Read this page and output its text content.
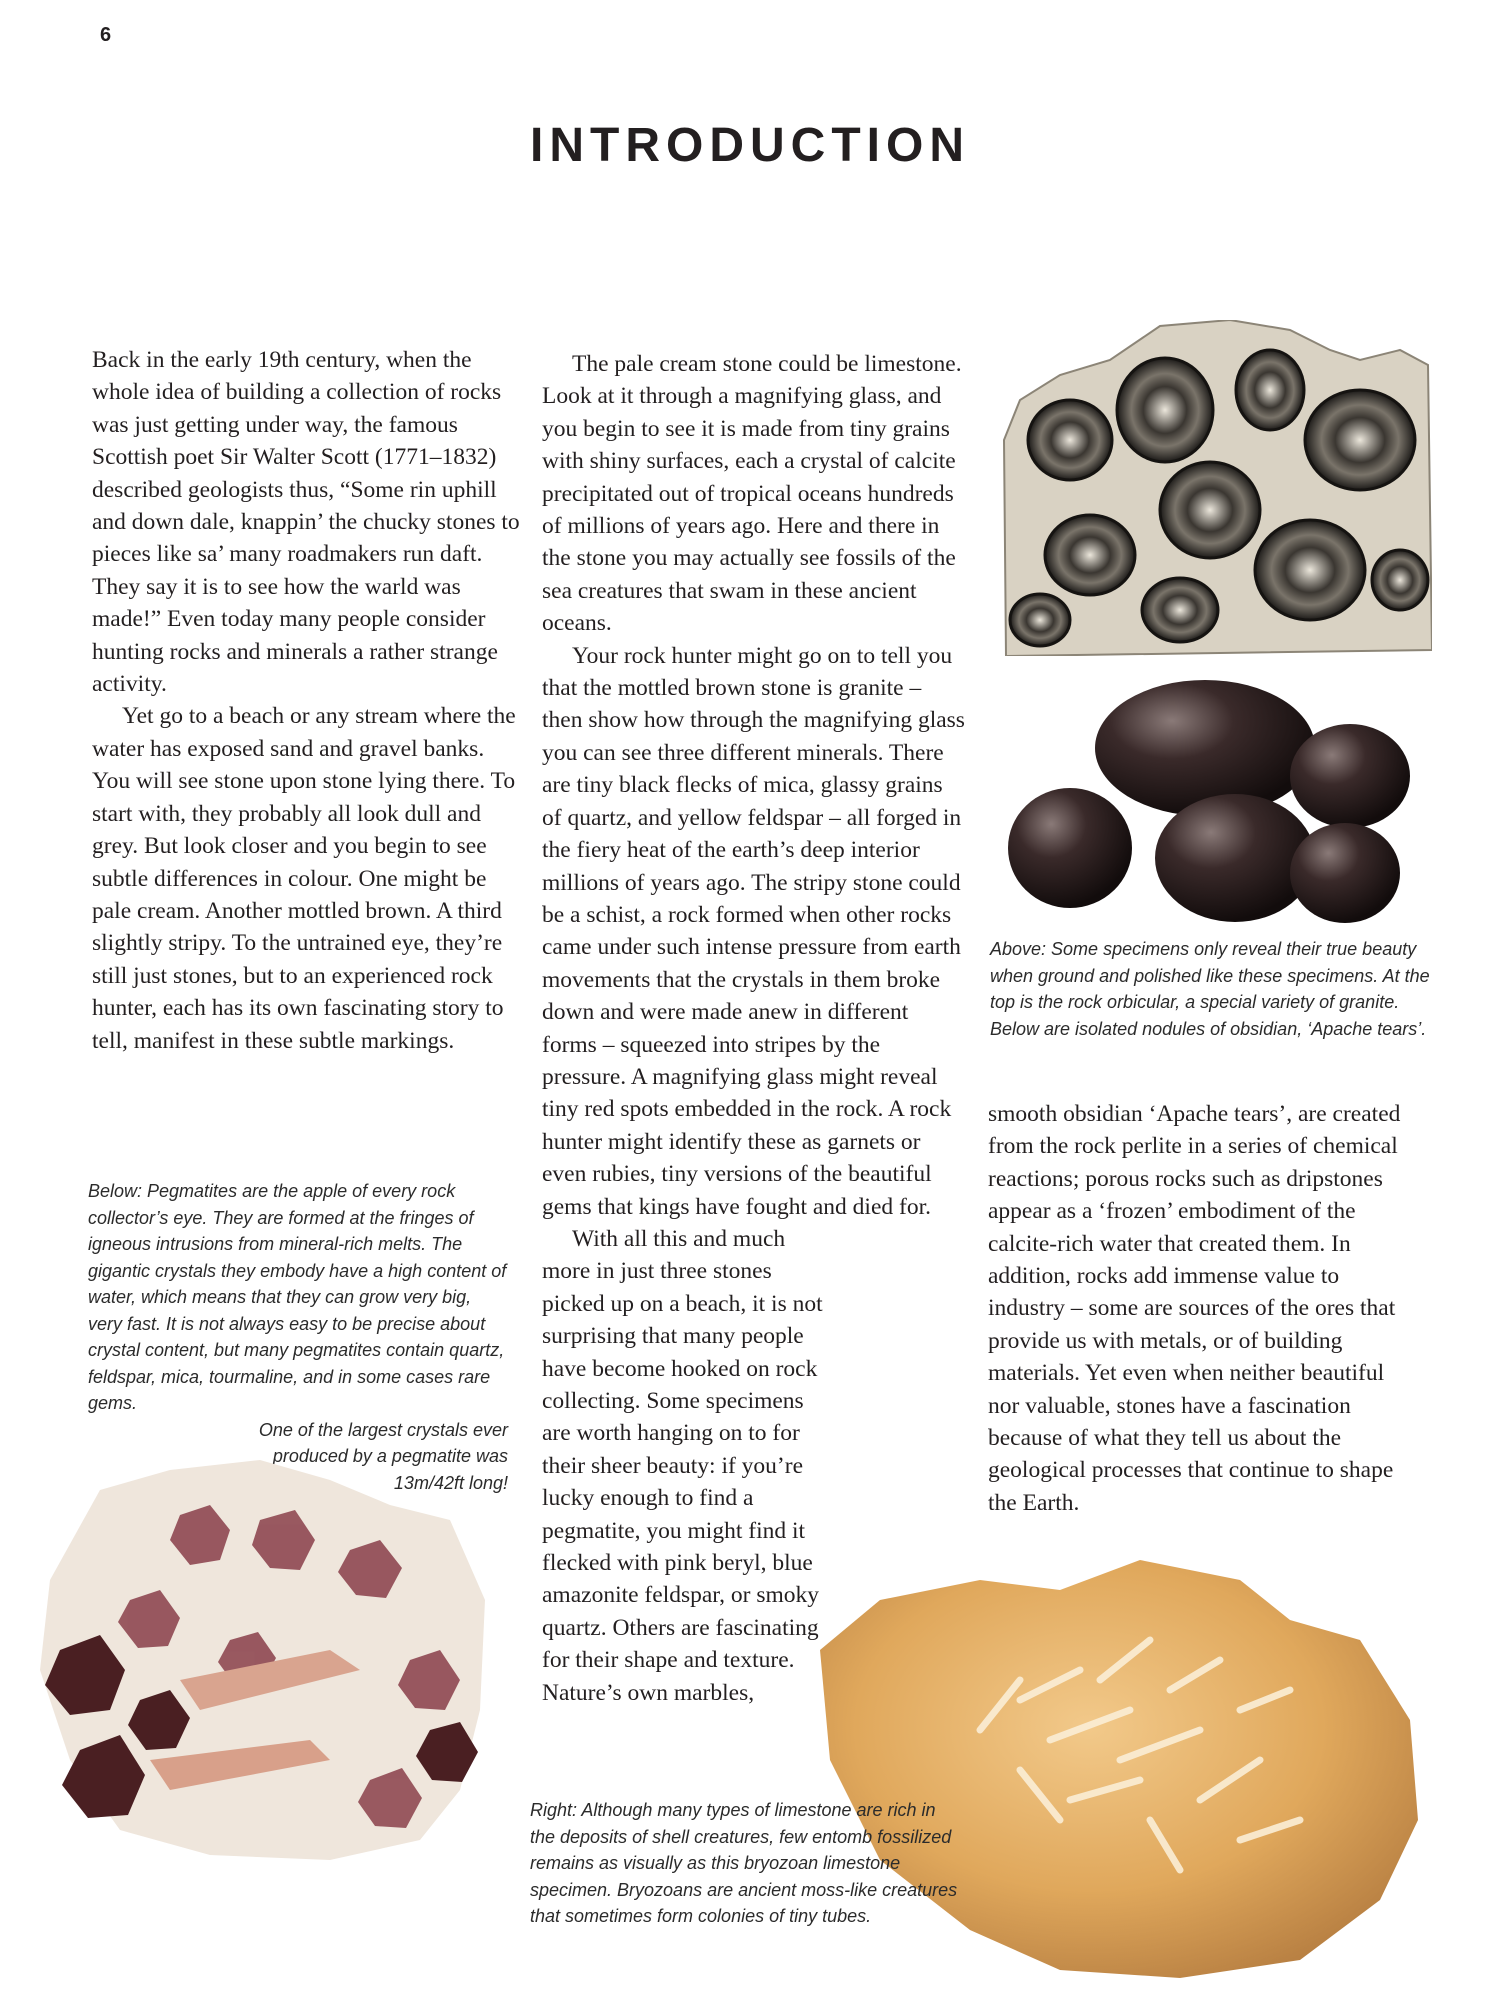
6
INTRODUCTION

Back in the early 19th century, when the whole idea of building a collection of rocks was just getting under way, the famous Scottish poet Sir Walter Scott (1771–1832) described geologists thus, “Some rin uphill and down dale, knappin’ the chucky stones to pieces like sa’ many roadmakers run daft. They say it is to see how the warld was made!” Even today many people consider hunting rocks and minerals a rather strange activity.

Yet go to a beach or any stream where the water has exposed sand and gravel banks. You will see stone upon stone lying there. To start with, they probably all look dull and grey. But look closer and you begin to see subtle differences in colour. One might be pale cream. Another mottled brown. A third slightly stripy. To the untrained eye, they’re still just stones, but to an experienced rock hunter, each has its own fascinating story to tell, manifest in these subtle markings.

Below: Pegmatites are the apple of every rock collector’s eye. They are formed at the fringes of igneous intrusions from mineral-rich melts. The gigantic crystals they embody have a high content of water, which means that they can grow very big, very fast. It is not always easy to be precise about crystal content, but many pegmatites contain quartz, feldspar, mica, tourmaline, and in some cases rare gems.

One of the largest crystals ever produced by a pegmatite was 13m/42ft long!

The pale cream stone could be limestone. Look at it through a magnifying glass, and you begin to see it is made from tiny grains with shiny surfaces, each a crystal of calcite precipitated out of tropical oceans hundreds of millions of years ago. Here and there in the stone you may actually see fossils of the sea creatures that swam in these ancient oceans.

Your rock hunter might go on to tell you that the mottled brown stone is granite – then show how through the magnifying glass you can see three different minerals. There are tiny black flecks of mica, glassy grains of quartz, and yellow feldspar – all forged in the fiery heat of the earth’s deep interior millions of years ago. The stripy stone could be a schist, a rock formed when other rocks came under such intense pressure from earth movements that the crystals in them broke down and were made anew in different forms – squeezed into stripes by the pressure. A magnifying glass might reveal tiny red spots embedded in the rock. A rock hunter might identify these as garnets or even rubies, tiny versions of the beautiful gems that kings have fought and died for.

With all this and much more in just three stones picked up on a beach, it is not surprising that many people have become hooked on rock collecting. Some specimens are worth hanging on to for their sheer beauty: if you’re lucky enough to find a pegmatite, you might find it flecked with pink beryl, blue amazonite feldspar, or smoky quartz. Others are fascinating for their shape and texture. Nature’s own marbles,

Above: Some specimens only reveal their true beauty when ground and polished like these specimens. At the top is the rock orbicular, a special variety of granite. Below are isolated nodules of obsidian, ‘Apache tears’.

smooth obsidian ‘Apache tears’, are created from the rock perlite in a series of chemical reactions; porous rocks such as dripstones appear as a ‘frozen’ embodiment of the calcite-rich water that created them. In addition, rocks add immense value to industry – some are sources of the ores that provide us with metals, or of building materials. Yet even when neither beautiful nor valuable, stones have a fascination because of what they tell us about the geological processes that continue to shape the Earth.

Right: Although many types of limestone are rich in the deposits of shell creatures, few entomb fossilized remains as visually as this bryozoan limestone specimen. Bryozoans are ancient moss-like creatures that sometimes form colonies of tiny tubes.
